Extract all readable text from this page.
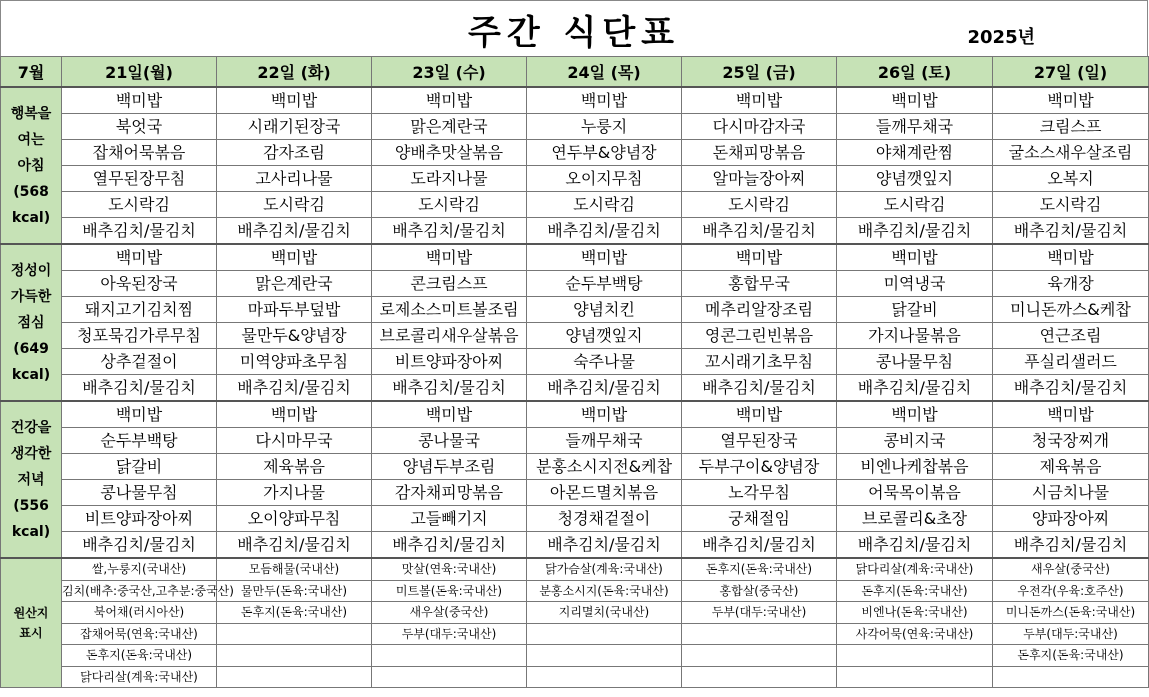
주간 식단표	2025년
7월	21일(월)	22일 (화)	23일 (수)	24일 (목)	25일 (금)	26일 (토)	27일 (일)
행복을
여는
아침
(568
kcal)	백미밥	백미밥	백미밥	백미밥	백미밥	백미밥	백미밥
	북엇국	시래기된장국	맑은계란국	누룽지	다시마감자국	들깨무채국	크림스프
	잡채어묵볶음	감자조림	양배추맛살볶음	연두부&양념장	돈채피망볶음	야채계란찜	굴소스새우살조림
	열무된장무침	고사리나물	도라지나물	오이지무침	알마늘장아찌	양념깻잎지	오복지
	도시락김	도시락김	도시락김	도시락김	도시락김	도시락김	도시락김
	배추김치/물김치	배추김치/물김치	배추김치/물김치	배추김치/물김치	배추김치/물김치	배추김치/물김치	배추김치/물김치
정성이
가득한
점심
(649
kcal)	백미밥	백미밥	백미밥	백미밥	백미밥	백미밥	백미밥
	아욱된장국	맑은계란국	콘크림스프	순두부백탕	홍합무국	미역냉국	육개장
	돼지고기김치찜	마파두부덮밥	로제소스미트볼조림	양념치킨	메추리알장조림	닭갈비	미니돈까스&케찹
	청포묵김가루무침	물만두&양념장	브로콜리새우살볶음	양념깻잎지	영콘그린빈볶음	가지나물볶음	연근조림
	상추겉절이	미역양파초무침	비트양파장아찌	숙주나물	꼬시래기초무침	콩나물무침	푸실리샐러드
	배추김치/물김치	배추김치/물김치	배추김치/물김치	배추김치/물김치	배추김치/물김치	배추김치/물김치	배추김치/물김치
건강을
생각한
저녁
(556
kcal)	백미밥	백미밥	백미밥	백미밥	백미밥	백미밥	백미밥
	순두부백탕	다시마무국	콩나물국	들깨무채국	열무된장국	콩비지국	청국장찌개
	닭갈비	제육볶음	양념두부조림	분홍소시지전&케찹	두부구이&양념장	비엔나케찹볶음	제육볶음
	콩나물무침	가지나물	감자채피망볶음	아몬드멸치볶음	노각무침	어묵목이볶음	시금치나물
	비트양파장아찌	오이양파무침	고들빼기지	청경채겉절이	궁채절임	브로콜리&초장	양파장아찌
	배추김치/물김치	배추김치/물김치	배추김치/물김치	배추김치/물김치	배추김치/물김치	배추김치/물김치	배추김치/물김치
원산지
표시	쌀,누룽지(국내산)	모듬해물(국내산)	맛살(연육:국내산)	닭가슴살(계육:국내산)	돈후지(돈육:국내산)	닭다리살(계육:국내산)	새우살(중국산)
	김치(배추:중국산,고추분:중국산)	물만두(돈육:국내산)	미트볼(돈육:국내산)	분홍소시지(돈육:국내산)	홍합살(중국산)	돈후지(돈육:국내산)	우전각(우육:호주산)
	북어채(러시아산)	돈후지(돈육:국내산)	새우살(중국산)	지리멸치(국내산)	두부(대두:국내산)	비엔나(돈육:국내산)	미니돈까스(돈육:국내산)
	잡채어묵(연육:국내산)		두부(대두:국내산)			사각어묵(연육:국내산)	두부(대두:국내산)
	돈후지(돈육:국내산)						돈후지(돈육:국내산)
	닭다리살(계육:국내산)						
